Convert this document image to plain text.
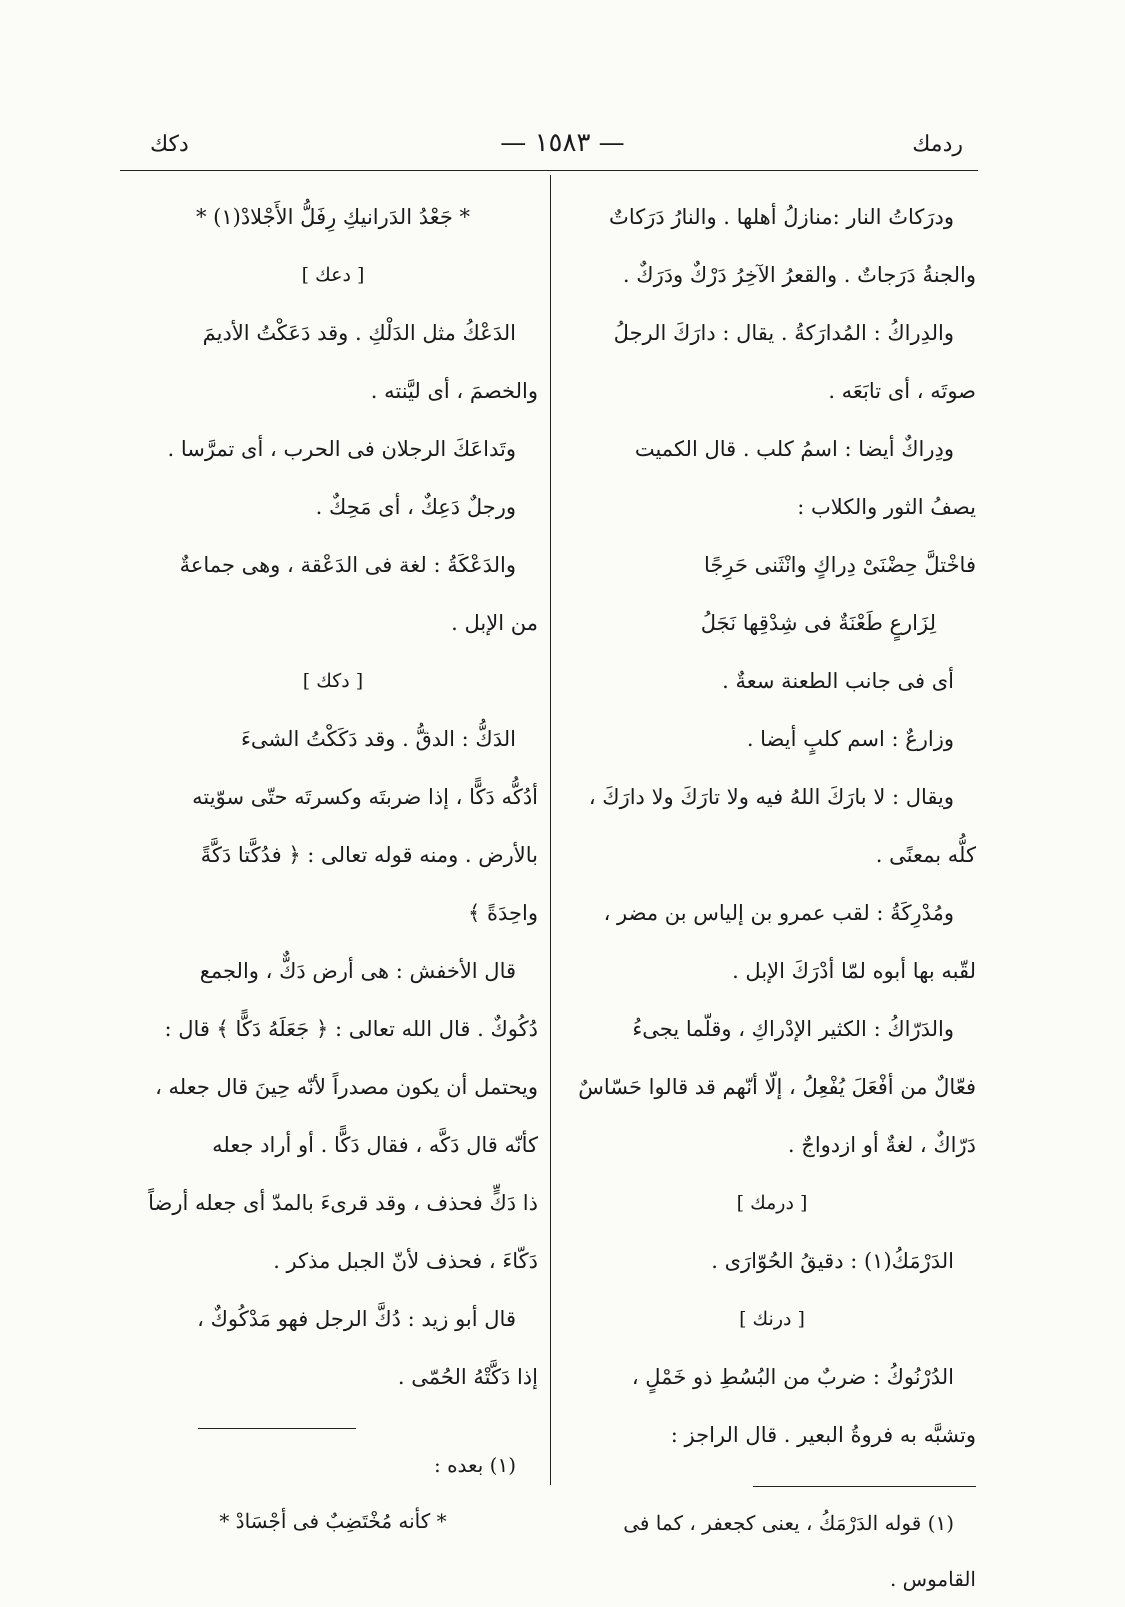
ردمك
— ١٥٨٣ —
دكك

ودرَكاتُ النار :منازلُ أهلها . والنارُ دَرَكاتٌ

والجنةُ دَرَجاتٌ . والقعرُ الآخِرُ دَرْكٌ ودَرَكٌ .

والدِراكُ : المُدارَكةُ . يقال : دارَكَ الرجلُ

صوتَه ، أى تابَعَه .

ودِراكٌ أيضا : اسمُ كلب . قال الكميت

يصفُ الثور والكلاب :

فاخْتلَّ حِضْنَىْ دِراكٍ وانْثَنى حَرِجًا

لِزَارعٍ طَعْنَةٌ فى شِدْقِها نَجَلُ

أى فى جانب الطعنة سعةٌ .

وزارعٌ : اسم كلبٍ أيضا .

ويقال : لا بارَكَ اللهُ فيه ولا تارَكَ ولا دارَكَ ،

كلُّه بمعنًى .

ومُدْرِكَةُ : لقب عمرو بن إلياس بن مضر ،

لقّبه بها أبوه لمّا أدْرَكَ الإبل .

والدَرّاكُ : الكثير الإدْراكِ ، وقلّما يجىءُ

فعّالٌ من أفْعَلَ يُفْعِلُ ، إلّا أنّهم قد قالوا حَسّاسٌ

دَرّاكٌ ، لغةٌ أو ازدواجٌ .

[ درمك ]

الدَرْمَكُ(١) : دقيقُ الحُوّارَى .

[ درنك ]

الدُرْنُوكُ : ضربٌ من البُسُطِ ذو خَمْلٍ ،

وتشبَّه به فروةُ البعير . قال الراجز :

(١) قوله الدَرْمَكُ ، يعنى كجعفر ، كما فى

القاموس .

* جَعْدُ الدَرانيكِ رِفَلُّ الأَجْلادْ(١) *

[ دعك ]

الدَعْكُ مثل الدَلْكِ . وقد دَعَكْتُ الأديمَ

والخصمَ ، أى ليَّنته .

وتَداعَكَ الرجلان فى الحرب ، أى تمرَّسا .

ورجلٌ دَعِكٌ ، أى مَحِكٌ .

والدَعْكَةُ : لغة فى الدَعْقة ، وهى جماعةٌ

من الإبل .

[ دكك ]

الدَكُّ : الدقُّ . وقد دَكَكْتُ الشىءَ

أدُكُّه دَكًّا ، إذا ضربتَه وكسرتَه حتّى سوّيته

بالأرض . ومنه قوله تعالى : ﴿ فدُكَّتا دَكَّةً

واحِدَةً ﴾

قال الأخفش : هى أرض دَكٌّ ، والجمع

دُكُوكٌ . قال الله تعالى : ﴿ جَعَلَهُ دَكًّا ﴾ قال :

ويحتمل أن يكون مصدراً لأنّه حِينَ قال جعله ،

كأنّه قال دَكَّه ، فقال دَكًّا . أو أراد جعله

ذا دَكٍّ فحذف ، وقد قرىءَ بالمدّ أى جعله أرضاً

دَكّاءَ ، فحذف لأنّ الجبل مذكر .

قال أبو زيد : دُكَّ الرجل فهو مَدْكُوكٌ ،

إذا دَكَّتْهُ الحُمّى .

(١) بعده :

* كأنه مُخْتَضِبٌ فى أجْسَادْ *
